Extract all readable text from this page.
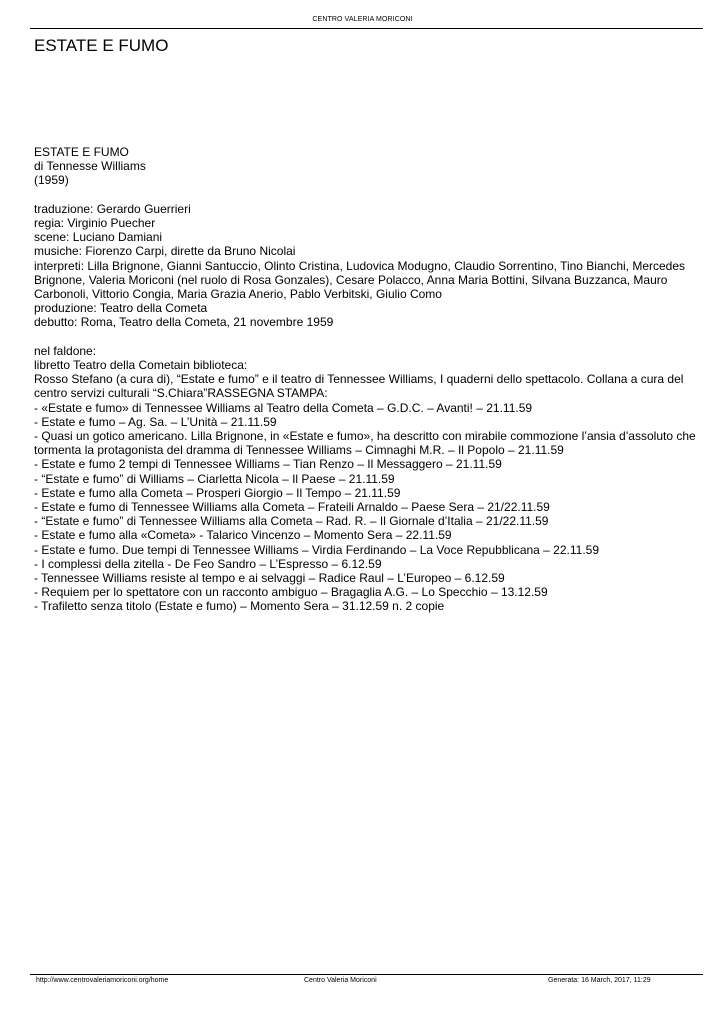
CENTRO VALERIA MORICONI
ESTATE E FUMO
ESTATE E FUMO
di Tennesse Williams
(1959)
traduzione: Gerardo Guerrieri
regia: Virginio Puecher
scene: Luciano Damiani
musiche: Fiorenzo Carpi, dirette da Bruno Nicolai
interpreti: Lilla Brignone, Gianni Santuccio, Olinto Cristina, Ludovica Modugno, Claudio Sorrentino, Tino Bianchi, Mercedes Brignone, Valeria Moriconi (nel ruolo di Rosa Gonzales), Cesare Polacco, Anna Maria Bottini, Silvana Buzzanca, Mauro Carbonoli, Vittorio Congia, Maria Grazia Anerio, Pablo Verbitski, Giulio Como
produzione: Teatro della Cometa
debutto: Roma, Teatro della Cometa, 21 novembre 1959
nel faldone:
libretto Teatro della Cometain biblioteca:
Rosso Stefano (a cura di), “Estate e fumo” e il teatro di Tennessee Williams, I quaderni dello spettacolo. Collana a cura del centro servizi culturali “S.Chiara”RASSEGNA STAMPA:
- «Estate e fumo» di Tennessee Williams al Teatro della Cometa – G.D.C. – Avanti! – 21.11.59
- Estate e fumo – Ag. Sa. – L’Unità – 21.11.59
- Quasi un gotico americano. Lilla Brignone, in «Estate e fumo», ha descritto con mirabile commozione l’ansia d’assoluto che tormenta la protagonista del dramma di Tennessee Williams – Cimnaghi M.R. – Il Popolo – 21.11.59
- Estate e fumo 2 tempi di Tennessee Williams – Tian Renzo – Il Messaggero – 21.11.59
- “Estate e fumo” di Williams – Ciarletta Nicola – Il Paese – 21.11.59
- Estate e fumo alla Cometa – Prosperi Giorgio – Il Tempo – 21.11.59
- Estate e fumo di Tennessee Williams alla Cometa – Frateili Arnaldo – Paese Sera – 21/22.11.59
- “Estate e fumo” di Tennessee Williams alla Cometa – Rad. R. – Il Giornale d’Italia – 21/22.11.59
- Estate e fumo alla «Cometa» - Talarico Vincenzo – Momento Sera – 22.11.59
- Estate e fumo. Due tempi di Tennessee Williams – Virdia Ferdinando – La Voce Repubblicana – 22.11.59
- I complessi della zitella - De Feo Sandro – L’Espresso – 6.12.59
- Tennessee Williams resiste al tempo e ai selvaggi – Radice Raul – L’Europeo – 6.12.59
- Requiem per lo spettatore con un racconto ambiguo – Bragaglia A.G. – Lo Specchio – 13.12.59
- Trafiletto senza titolo (Estate e fumo) – Momento Sera – 31.12.59 n. 2 copie
http://www.centrovaleriamoriconi.org/home	Centro Valeria Moriconi	Generata: 16 March, 2017, 11:29
